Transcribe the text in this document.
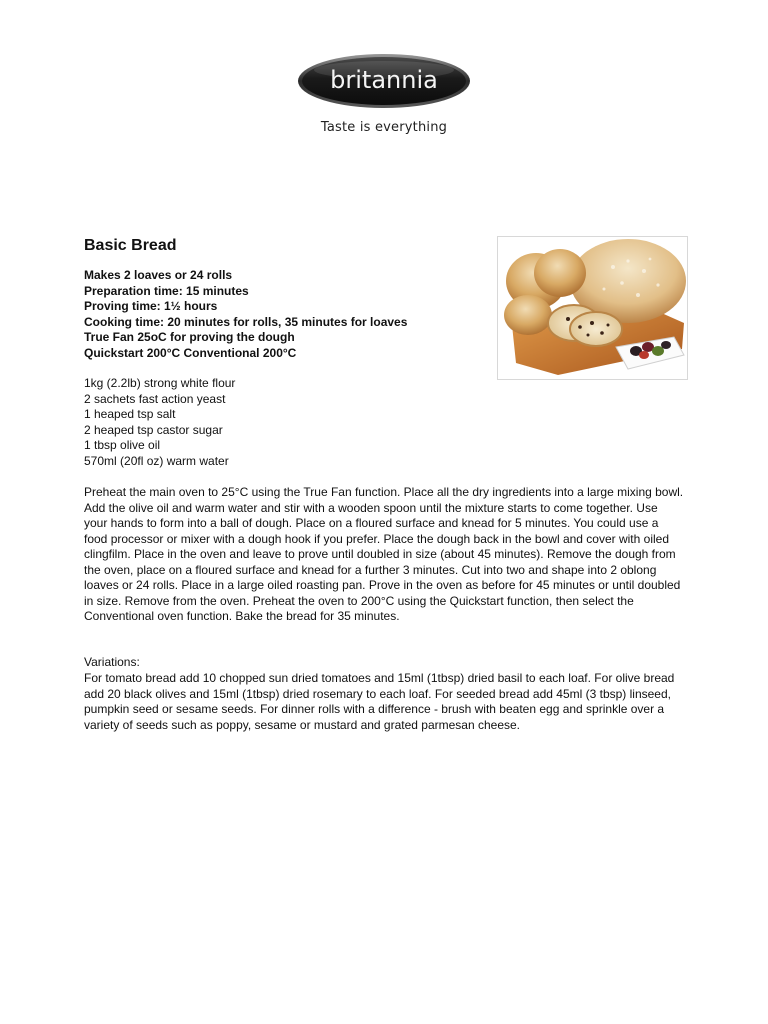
britannia
Taste is everything
Basic Bread
Makes 2 loaves or 24 rolls
Preparation time: 15 minutes
Proving time: 1½ hours
Cooking time: 20 minutes for rolls, 35 minutes for loaves
True Fan 25oC for proving the dough
Quickstart 200°C Conventional 200°C
1kg (2.2lb) strong white flour
2 sachets fast action yeast
1 heaped tsp salt
2 heaped tsp castor sugar
1 tbsp olive oil
570ml (20fl oz) warm water

Preheat the main oven to 25°C using the True Fan function. Place all the dry ingredients into a large mixing bowl. Add the olive oil and warm water and stir with a wooden spoon until the mixture starts to come together. Use your hands to form into a ball of dough. Place on a floured surface and knead for 5 minutes. You could use a food processor or mixer with a dough hook if you prefer. Place the dough back in the bowl and cover with oiled clingfilm. Place in the oven and leave to prove until doubled in size (about 45 minutes). Remove the dough from the oven, place on a floured surface and knead for a further 3 minutes. Cut into two and shape into 2 oblong loaves or 24 rolls. Place in a large oiled roasting pan. Prove in the oven as before for 45 minutes or until doubled in size. Remove from the oven. Preheat the oven to 200°C using the Quickstart function, then select the Conventional oven function. Bake the bread for 35 minutes.

Variations:

For tomato bread add 10 chopped sun dried tomatoes and 15ml (1tbsp) dried basil to each loaf. For olive bread add 20 black olives and 15ml (1tbsp) dried rosemary to each loaf. For seeded bread add 45ml (3 tbsp) linseed, pumpkin seed or sesame seeds. For dinner rolls with a difference - brush with beaten egg and sprinkle over a variety of seeds such as poppy, sesame or mustard and grated parmesan cheese.
